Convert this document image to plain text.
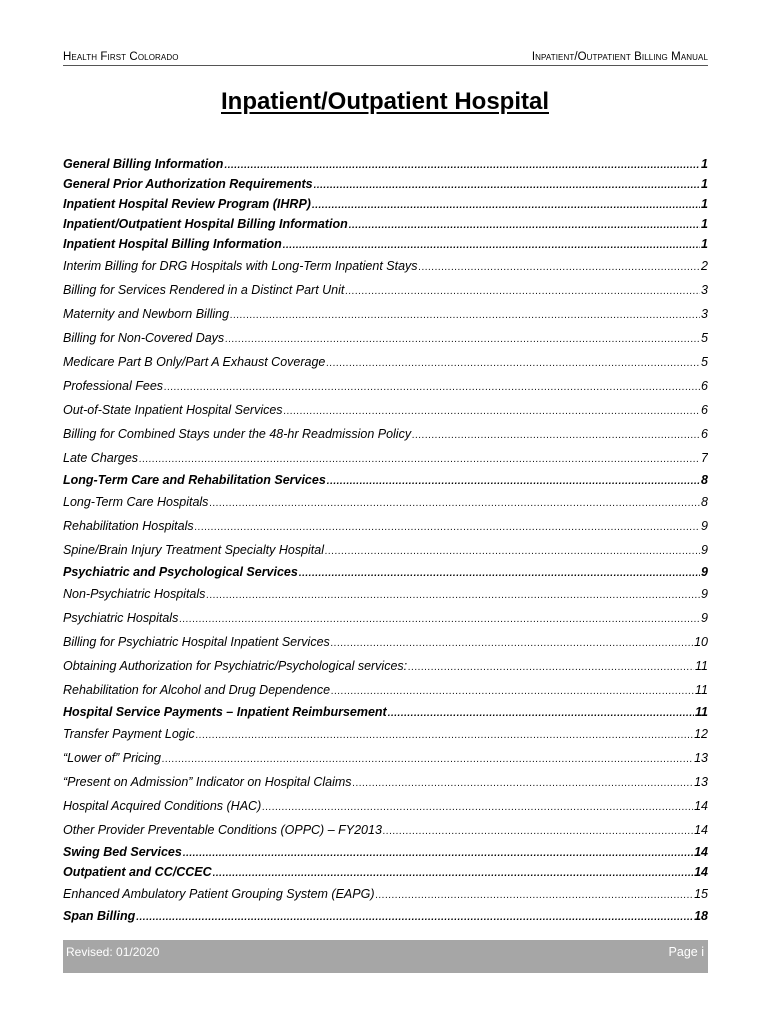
Health First Colorado	Inpatient/Outpatient Billing Manual
Inpatient/Outpatient Hospital
General Billing Information .....	1
General Prior Authorization Requirements .....	1
Inpatient Hospital Review Program (IHRP) .....	1
Inpatient/Outpatient Hospital Billing Information .....	1
Inpatient Hospital Billing Information .....	1
Interim Billing for DRG Hospitals with Long-Term Inpatient Stays .....	2
Billing for Services Rendered in a Distinct Part Unit .....	3
Maternity and Newborn Billing .....	3
Billing for Non-Covered Days .....	5
Medicare Part B Only/Part A Exhaust Coverage .....	5
Professional Fees .....	6
Out-of-State Inpatient Hospital Services .....	6
Billing for Combined Stays under the 48-hr Readmission Policy .....	6
Late Charges .....	7
Long-Term Care and Rehabilitation Services .....	8
Long-Term Care Hospitals .....	8
Rehabilitation Hospitals .....	9
Spine/Brain Injury Treatment Specialty Hospital .....	9
Psychiatric and Psychological Services .....	9
Non-Psychiatric Hospitals .....	9
Psychiatric Hospitals .....	9
Billing for Psychiatric Hospital Inpatient Services .....	10
Obtaining Authorization for Psychiatric/Psychological services: .....	11
Rehabilitation for Alcohol and Drug Dependence .....	11
Hospital Service Payments – Inpatient Reimbursement .....	11
Transfer Payment Logic .....	12
“Lower of” Pricing .....	13
“Present on Admission” Indicator on Hospital Claims .....	13
Hospital Acquired Conditions (HAC) .....	14
Other Provider Preventable Conditions (OPPC) – FY2013 .....	14
Swing Bed Services .....	14
Outpatient and CC/CCEC .....	14
Enhanced Ambulatory Patient Grouping System (EAPG) .....	15
Span Billing .....	18
Revised: 01/2020	Page i
